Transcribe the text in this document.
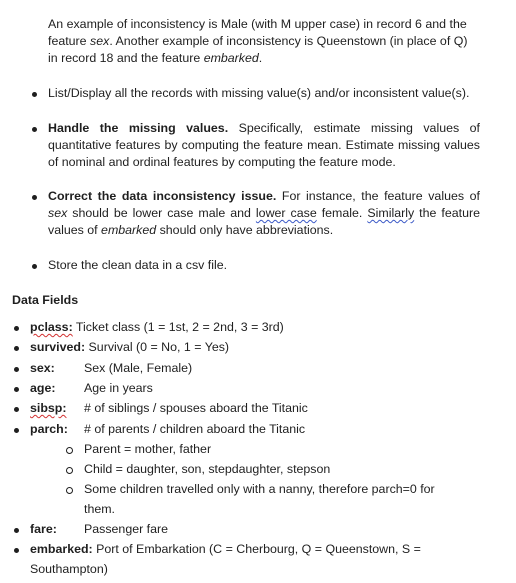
An example of inconsistency is Male (with M upper case) in record 6 and the feature sex. Another example of inconsistency is Queenstown (in place of Q) in record 18 and the feature embarked.
List/Display all the records with missing value(s) and/or inconsistent value(s).
Handle the missing values. Specifically, estimate missing values of quantitative features by computing the feature mean. Estimate missing values of nominal and ordinal features by computing the feature mode.
Correct the data inconsistency issue. For instance, the feature values of sex should be lower case male and lower case female. Similarly the feature values of embarked should only have abbreviations.
Store the clean data in a csv file.
Data Fields
pclass: Ticket class (1 = 1st, 2 = 2nd, 3 = 3rd)
survived: Survival (0 = No, 1 = Yes)
sex: Sex (Male, Female)
age: Age in years
sibsp: # of siblings / spouses aboard the Titanic
parch: # of parents / children aboard the Titanic
Parent = mother, father
Child = daughter, son, stepdaughter, stepson
Some children travelled only with a nanny, therefore parch=0 for
them.
fare: Passenger fare
embarked: Port of Embarkation (C = Cherbourg, Q = Queenstown, S =
Southampton)
